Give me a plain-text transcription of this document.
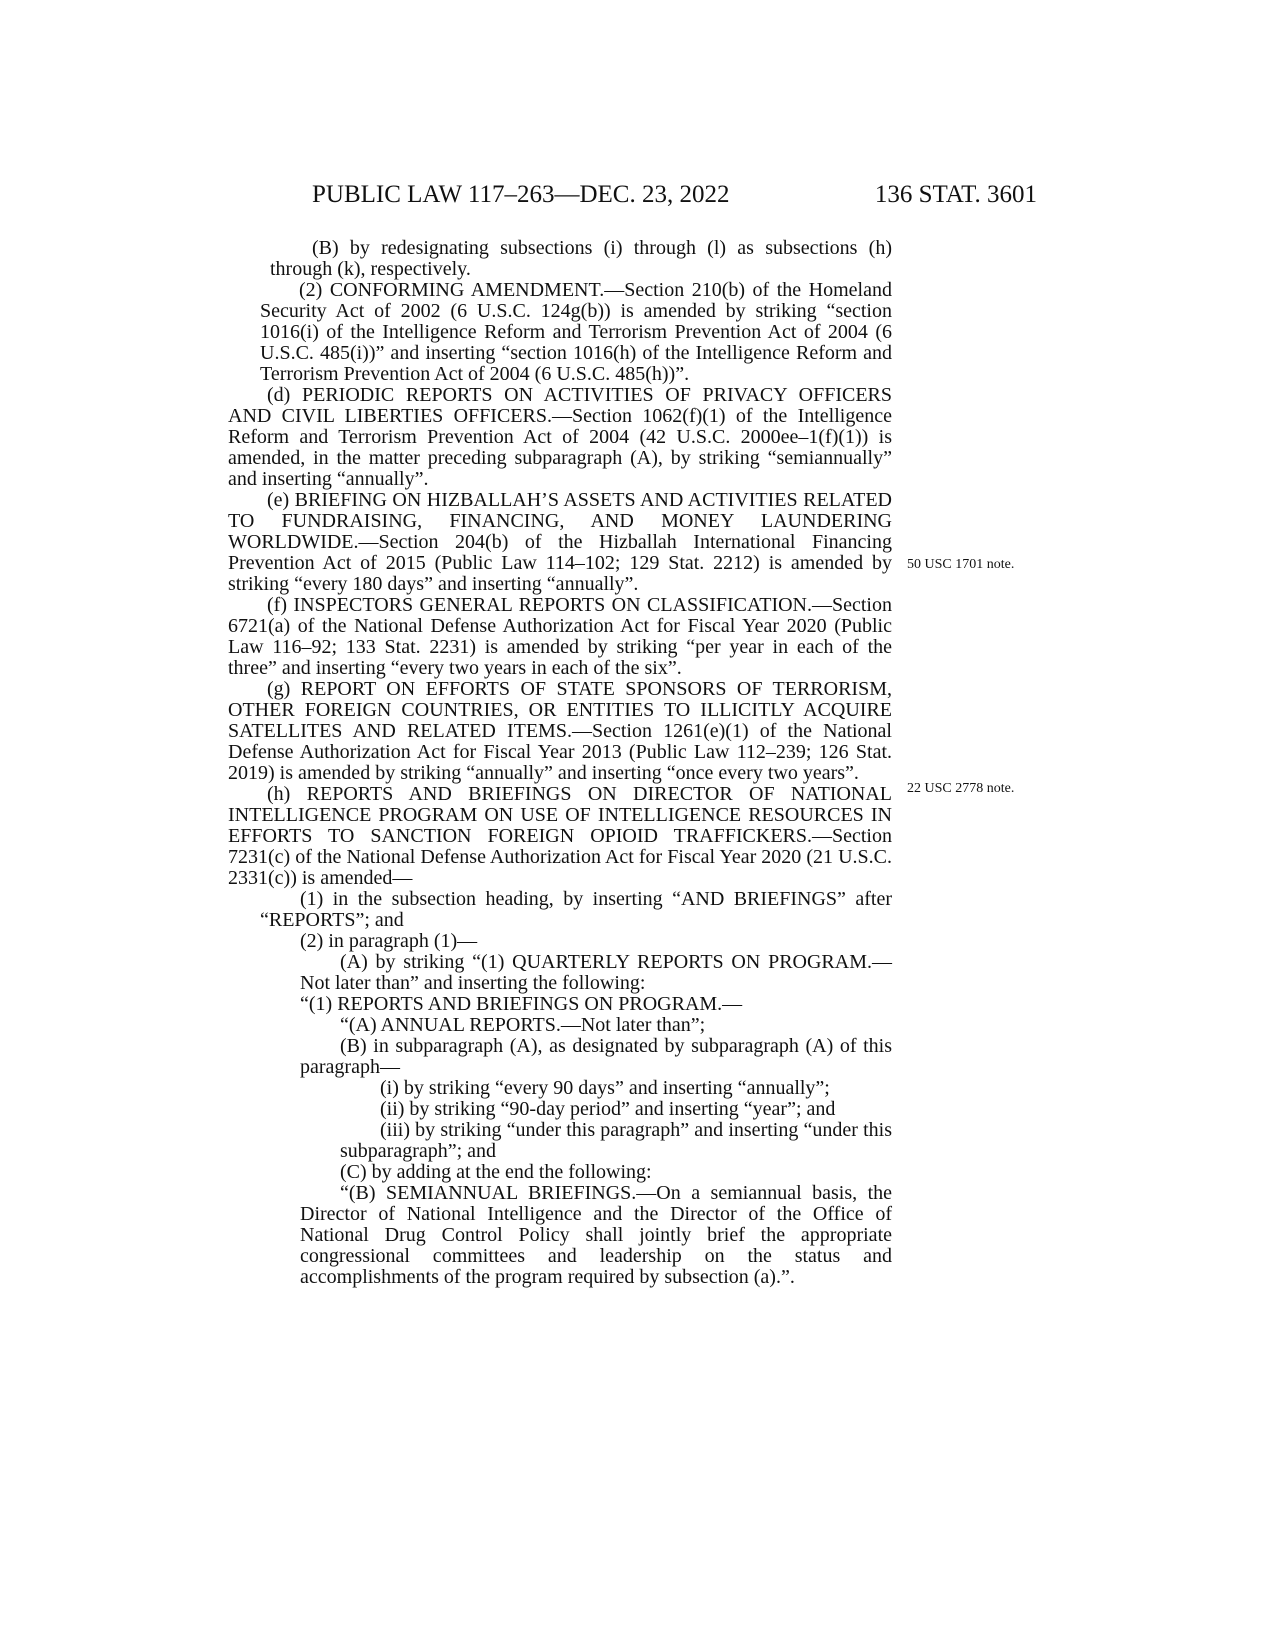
PUBLIC LAW 117–263—DEC. 23, 2022	136 STAT. 3601

(B) by redesignating subsections (i) through (l) as subsections (h) through (k), respectively.

(2) CONFORMING AMENDMENT.—Section 210(b) of the Homeland Security Act of 2002 (6 U.S.C. 124g(b)) is amended by striking “section 1016(i) of the Intelligence Reform and Terrorism Prevention Act of 2004 (6 U.S.C. 485(i))” and inserting “section 1016(h) of the Intelligence Reform and Terrorism Prevention Act of 2004 (6 U.S.C. 485(h))”.

(d) PERIODIC REPORTS ON ACTIVITIES OF PRIVACY OFFICERS AND CIVIL LIBERTIES OFFICERS.—Section 1062(f)(1) of the Intelligence Reform and Terrorism Prevention Act of 2004 (42 U.S.C. 2000ee–1(f)(1)) is amended, in the matter preceding subparagraph (A), by striking “semiannually” and inserting “annually”.

(e) BRIEFING ON HIZBALLAH’S ASSETS AND ACTIVITIES RELATED TO FUNDRAISING, FINANCING, AND MONEY LAUNDERING WORLDWIDE.—Section 204(b) of the Hizballah International Financing Prevention Act of 2015 (Public Law 114–102; 129 Stat. 2212) is amended by striking “every 180 days” and inserting “annually”.

(f) INSPECTORS GENERAL REPORTS ON CLASSIFICATION.—Section 6721(a) of the National Defense Authorization Act for Fiscal Year 2020 (Public Law 116–92; 133 Stat. 2231) is amended by striking “per year in each of the three” and inserting “every two years in each of the six”.

(g) REPORT ON EFFORTS OF STATE SPONSORS OF TERRORISM, OTHER FOREIGN COUNTRIES, OR ENTITIES TO ILLICITLY ACQUIRE SATELLITES AND RELATED ITEMS.—Section 1261(e)(1) of the National Defense Authorization Act for Fiscal Year 2013 (Public Law 112–239; 126 Stat. 2019) is amended by striking “annually” and inserting “once every two years”.

(h) REPORTS AND BRIEFINGS ON DIRECTOR OF NATIONAL INTELLIGENCE PROGRAM ON USE OF INTELLIGENCE RESOURCES IN EFFORTS TO SANCTION FOREIGN OPIOID TRAFFICKERS.—Section 7231(c) of the National Defense Authorization Act for Fiscal Year 2020 (21 U.S.C. 2331(c)) is amended—

(1) in the subsection heading, by inserting “AND BRIEFINGS” after “REPORTS”; and

(2) in paragraph (1)—

(A) by striking “(1) QUARTERLY REPORTS ON PROGRAM.—Not later than” and inserting the following:

“(1) REPORTS AND BRIEFINGS ON PROGRAM.—

“(A) ANNUAL REPORTS.—Not later than”;

(B) in subparagraph (A), as designated by subparagraph (A) of this paragraph—

(i) by striking “every 90 days” and inserting “annually”;

(ii) by striking “90-day period” and inserting “year”; and

(iii) by striking “under this paragraph” and inserting “under this subparagraph”; and

(C) by adding at the end the following:

“(B) SEMIANNUAL BRIEFINGS.—On a semiannual basis, the Director of National Intelligence and the Director of the Office of National Drug Control Policy shall jointly brief the appropriate congressional committees and leadership on the status and accomplishments of the program required by subsection (a).”.

50 USC 1701 note.
22 USC 2778 note.
